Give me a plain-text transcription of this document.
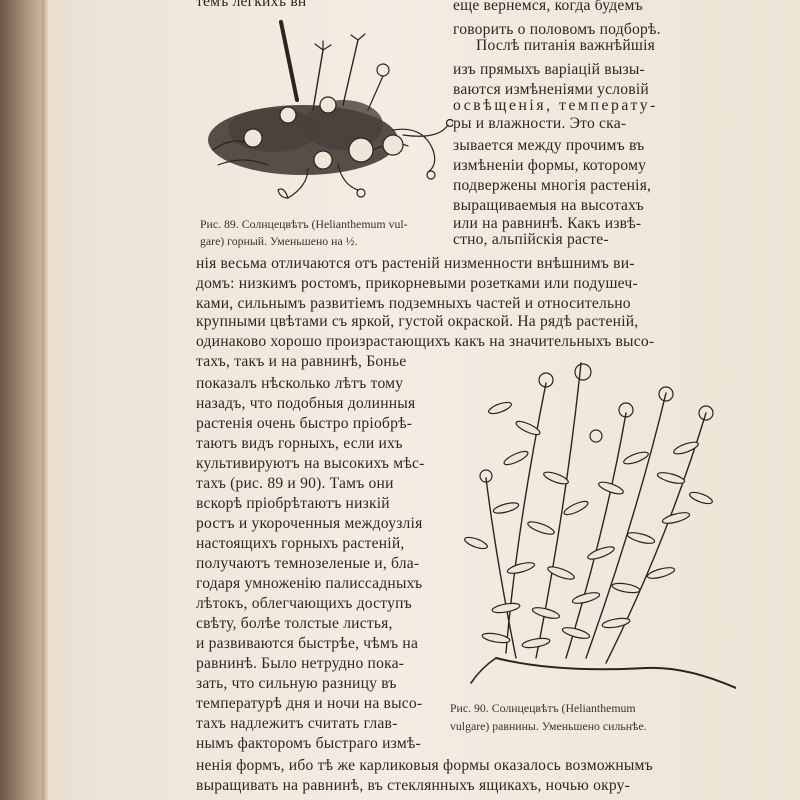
темъ легкихъ вн
Рис. 89. Солнцецвѣтъ (Helianthemum vul-
gare) горный. Уменьшено на ½.
еще вернемся, когда будемъ
говорить о половомъ подборѣ.
Послѣ питанія важнѣйшія
изъ прямыхъ варіацій вызы-
ваются измѣненіями условій
освѣщенія, температу-
ры и влажности. Это ска-
зывается между прочимъ въ
измѣненіи формы, которому
подвержены многія растенія,
выращиваемыя на высотахъ
или на равнинѣ. Какъ извѣ-
стно, альпійскія расте-
нія весьма отличаются отъ растеній низменности внѣшнимъ ви-
домъ: низкимъ ростомъ, прикорневыми розетками или подушеч-
ками, сильнымъ развитіемъ подземныхъ частей и относительно
крупными цвѣтами съ яркой, густой окраской. На рядѣ растеній,
одинаково хорошо произрастающихъ какъ на значительныхъ высо-
Рис. 90. Солнцецвѣтъ (Helianthemum
vulgare) равнины. Уменьшено сильнѣе.
тахъ, такъ и на равнинѣ, Бонье
показалъ нѣсколько лѣтъ тому
назадъ, что подобныя долинныя
растенія очень быстро пріобрѣ-
таютъ видъ горныхъ, если ихъ
культивируютъ на высокихъ мѣс-
тахъ (рис. 89 и 90). Тамъ они
вскорѣ пріобрѣтаютъ низкій
ростъ и укороченныя междоузлія
настоящихъ горныхъ растеній,
получаютъ темнозеленые и, бла-
годаря умноженію палиссадныхъ
лѣтокъ, облегчающихъ доступъ
свѣту, болѣе толстые листья,
и развиваются быстрѣе, чѣмъ на
равнинѣ. Было нетрудно пока-
зать, что сильную разницу въ
температурѣ дня и ночи на высо-
тахъ надлежитъ считать глав-
нымъ факторомъ быстраго измѣ-
ненія формъ, ибо тѣ же карликовыя формы оказалось возможнымъ
выращивать на равнинѣ, въ стеклянныхъ ящикахъ, ночью окру-
